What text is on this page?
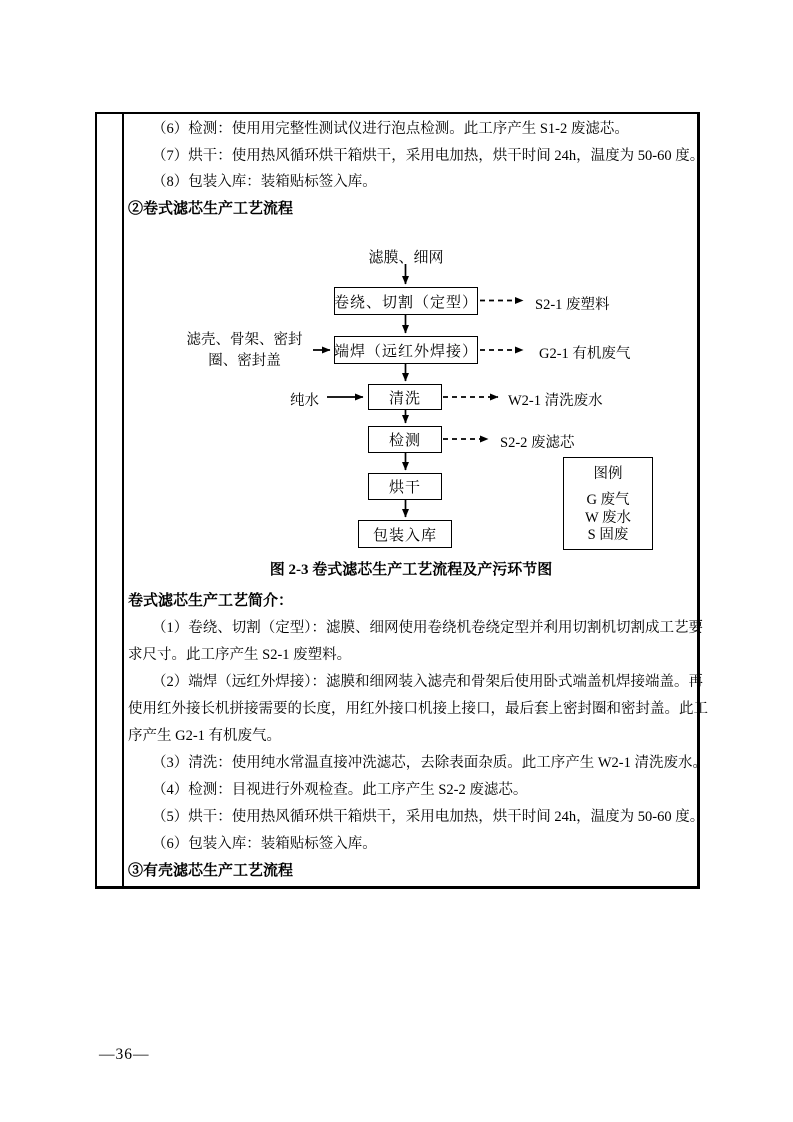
（6）检测：使用用完整性测试仪进行泡点检测。此工序产生 S1-2 废滤芯。
（7）烘干：使用热风循环烘干箱烘干，采用电加热，烘干时间 24h，温度为 50-60 度。
（8）包装入库：装箱贴标签入库。
②卷式滤芯生产工艺流程
滤膜、细网
卷绕、切割（定型）
端焊（远红外焊接）
清洗
检测
烘干
包装入库
滤壳、骨架、密封圈、密封盖
纯水
S2-1 废塑料
G2-1 有机废气
W2-1 清洗废水
S2-2 废滤芯
图例
G 废气
W 废水
S 固废
图 2-3 卷式滤芯生产工艺流程及产污环节图
卷式滤芯生产工艺简介：
（1）卷绕、切割（定型）：滤膜、细网使用卷绕机卷绕定型并利用切割机切割成工艺要
求尺寸。此工序产生 S2-1 废塑料。
（2）端焊（远红外焊接）：滤膜和细网装入滤壳和骨架后使用卧式端盖机焊接端盖。再
使用红外接长机拼接需要的长度，用红外接口机接上接口，最后套上密封圈和密封盖。此工
序产生 G2-1 有机废气。
（3）清洗：使用纯水常温直接冲洗滤芯，去除表面杂质。此工序产生 W2-1 清洗废水。
（4）检测：目视进行外观检查。此工序产生 S2-2 废滤芯。
（5）烘干：使用热风循环烘干箱烘干，采用电加热，烘干时间 24h，温度为 50-60 度。
（6）包装入库：装箱贴标签入库。
③有壳滤芯生产工艺流程
—36—
